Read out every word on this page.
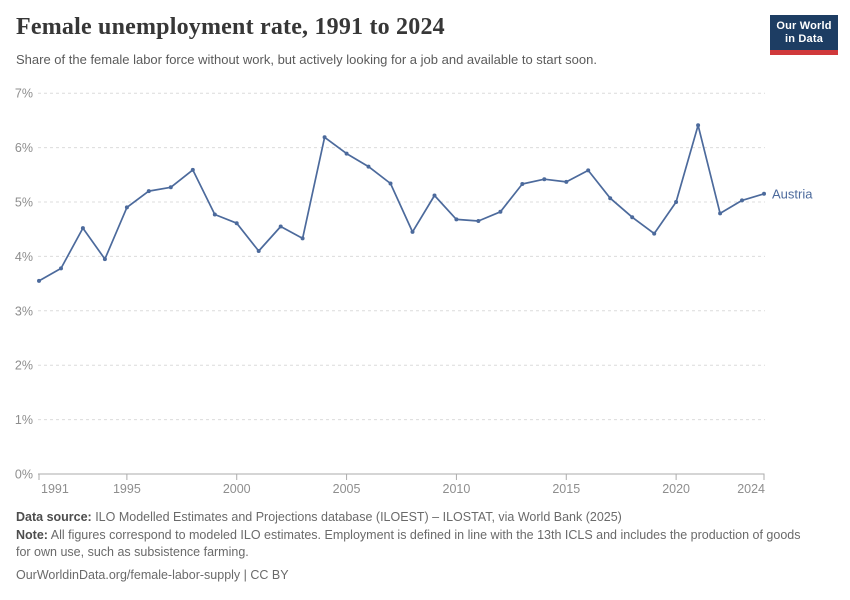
Female unemployment rate, 1991 to 2024
Share of the female labor force without work, but actively looking for a job and available to start soon.
Our World
in Data
0%
1%
2%
3%
4%
5%
6%
7%
1991	1995	2000	2005	2010	2015	2020	2024
Austria
Data source: ILO Modelled Estimates and Projections database (ILOEST) – ILOSTAT, via World Bank (2025)
Note: All figures correspond to modeled ILO estimates. Employment is defined in line with the 13th ICLS and includes the production of goods for own use, such as subsistence farming.
OurWorldinData.org/female-labor-supply | CC BY
